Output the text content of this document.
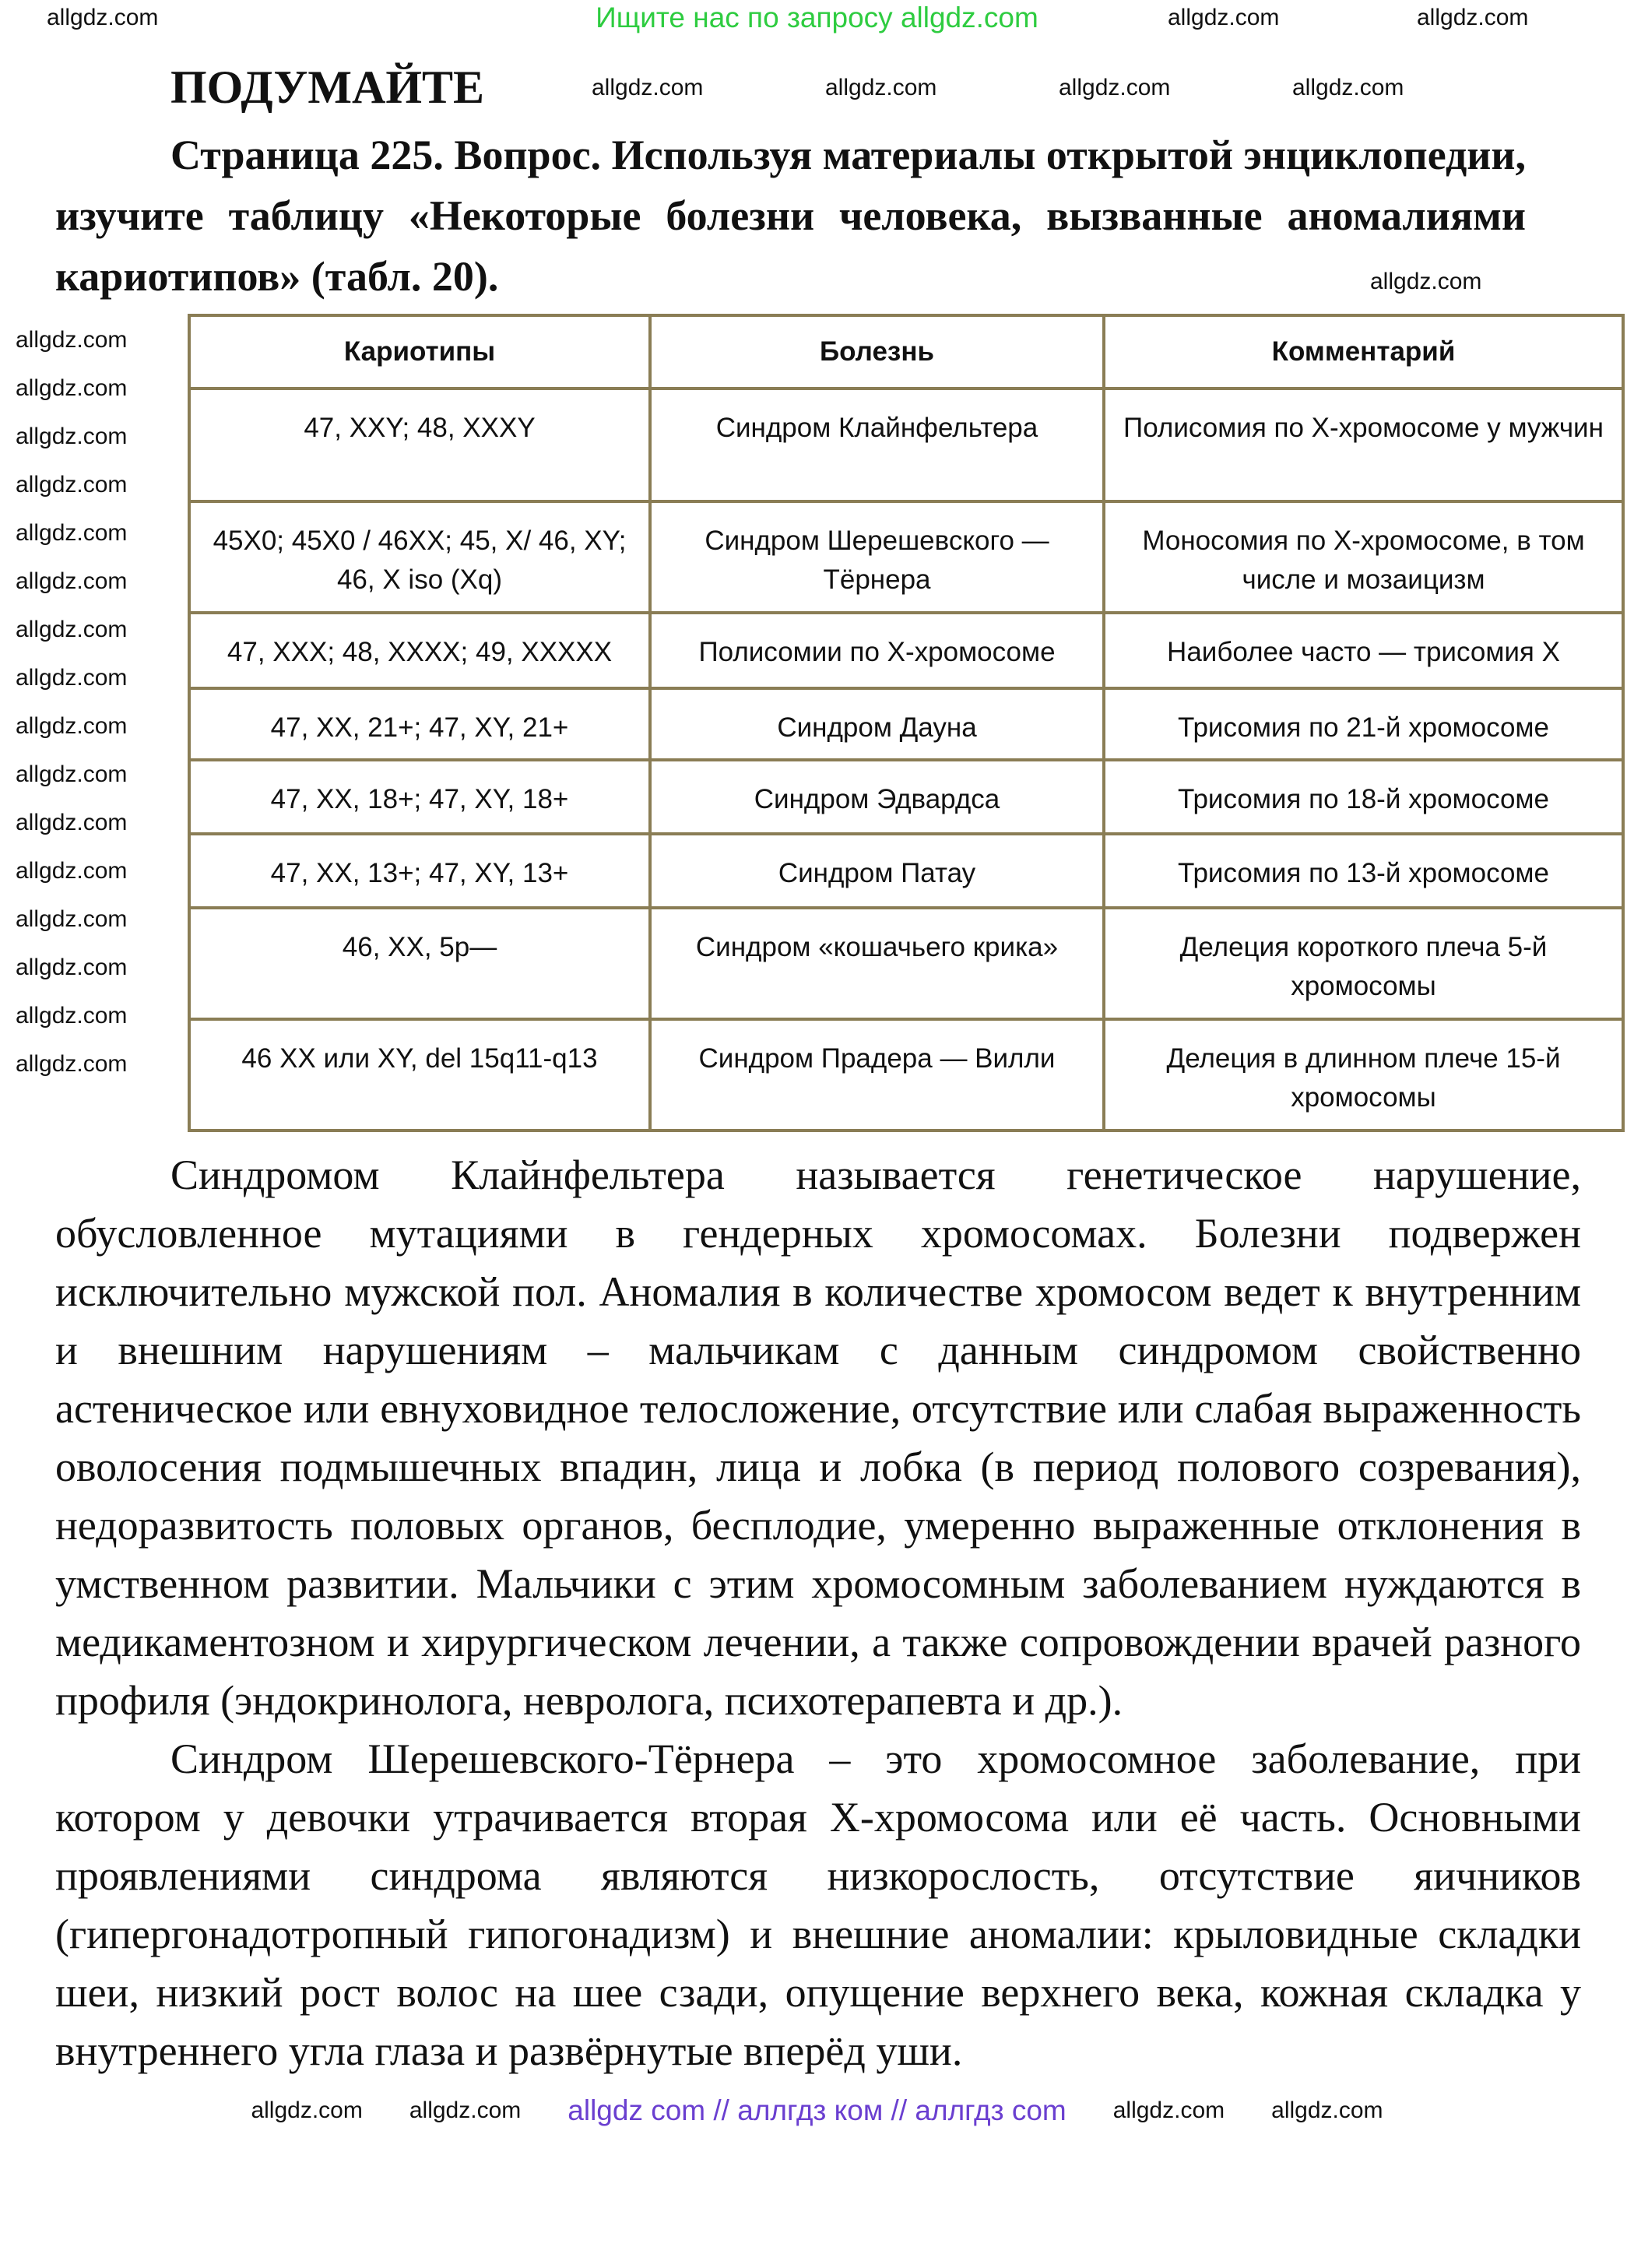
Ищите нас по запросу allgdz.com
allgdz.com	allgdz.com	allgdz.com
ПОДУМАЙТЕ	allgdz.com	allgdz.com	allgdz.com	allgdz.com
Страница 225. Вопрос. Используя материалы открытой энциклопедии, изучите таблицу «Некоторые болезни человека, вызванные аномалиями кариотипов» (табл. 20).	allgdz.com
allgdz.com
allgdz.com
allgdz.com
allgdz.com
allgdz.com
allgdz.com
allgdz.com
allgdz.com
allgdz.com
allgdz.com
allgdz.com
allgdz.com
allgdz.com
allgdz.com
allgdz.com
allgdz.com
Кариотипы	Болезнь	Комментарий
47, XXY; 48, XXXY	Синдром Клайнфельтера	Полисомия по X-хромосоме у мужчин
45X0; 45X0 / 46XX; 45, X/ 46, XY; 46, X iso (Xq)	Синдром Шерешевского — Тёрнера	Моносомия по X-хромосоме, в том числе и мозаицизм
47, XXX; 48, XXXX; 49, XXXXX	Полисомии по X-хромосоме	Наиболее часто — трисомия X
47, XX, 21+; 47, XY, 21+	Синдром Дауна	Трисомия по 21-й хромосоме
47, XX, 18+; 47, XY, 18+	Синдром Эдвардса	Трисомия по 18-й хромосоме
47, XX, 13+; 47, XY, 13+	Синдром Патау	Трисомия по 13-й хромосоме
46, XX, 5p—	Синдром «кошачьего крика»	Делеция короткого плеча 5-й хромосомы
46 XX или XY, del 15q11-q13	Синдром Прадера — Вилли	Делеция в длинном плече 15-й хромосомы

Синдромом Клайнфельтера называется генетическое нарушение, обусловленное мутациями в гендерных хромосомах. Болезни подвержен исключительно мужской пол. Аномалия в количестве хромосом ведет к внутренним и внешним нарушениям – мальчикам с данным синдромом свойственно астеническое или евнуховидное телосложение, отсутствие или слабая выраженность оволосения подмышечных впадин, лица и лобка (в период полового созревания), недоразвитость половых органов, бесплодие, умеренно выраженные отклонения в умственном развитии. Мальчики с этим хромосомным заболеванием нуждаются в медикаментозном и хирургическом лечении, а также сопровождении врачей разного профиля (эндокринолога, невролога, психотерапевта и др.).

Синдром Шерешевского-Тёрнера – это хромосомное заболевание, при котором у девочки утрачивается вторая X-хромосома или её часть. Основными проявлениями синдрома являются низкорослость, отсутствие яичников (гипергонадотропный гипогонадизм) и внешние аномалии: крыловидные складки шеи, низкий рост волос на шее сзади, опущение верхнего века, кожная складка у внутреннего угла глаза и развёрнутые вперёд уши.

allgdz.com allgdz.com allgdz com // аллгдз ком // аллгдз com allgdz.com allgdz.com
